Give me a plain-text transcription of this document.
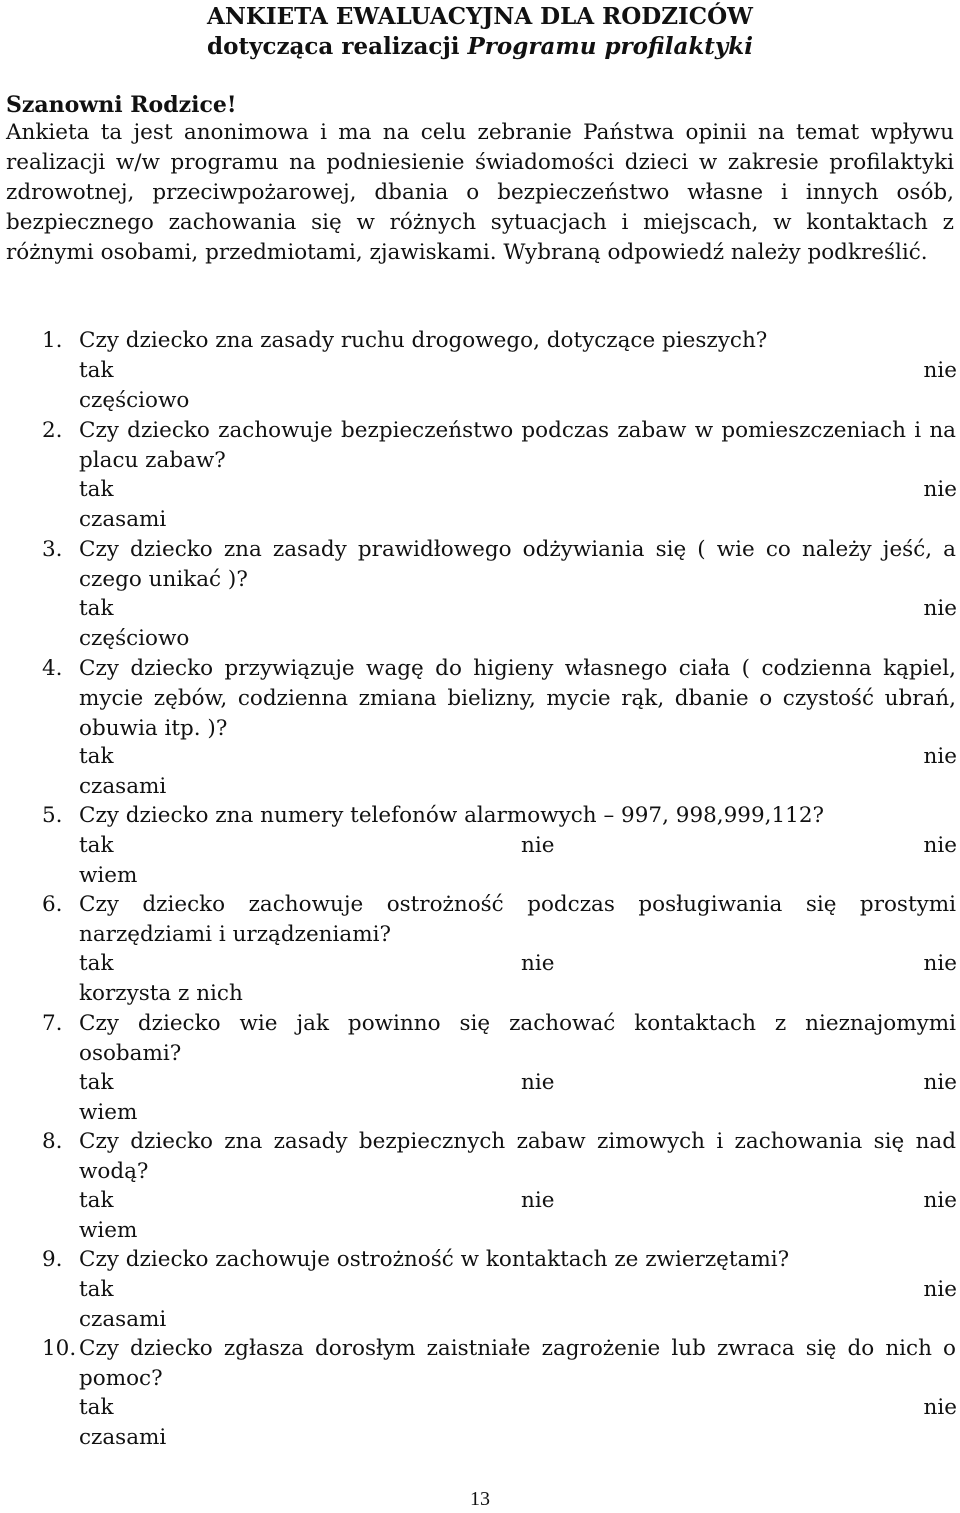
ANKIETA EWALUACYJNA DLA RODZICÓW
dotycząca realizacji Programu profilaktyki
Szanowni Rodzice!
Ankieta ta jest anonimowa i ma na celu zebranie Państwa opinii na temat wpływu realizacji w/w programu na podniesienie świadomości dzieci w zakresie profilaktyki zdrowotnej, przeciwpożarowej, dbania o bezpieczeństwo własne i innych osób, bezpiecznego zachowania się w różnych sytuacjach i miejscach, w kontaktach z różnymi osobami, przedmiotami, zjawiskami. Wybraną odpowiedź należy podkreślić.
1. Czy dziecko zna zasady ruchu drogowego, dotyczące pieszych?
tak	nie
częściowo
2. Czy dziecko zachowuje bezpieczeństwo podczas zabaw w pomieszczeniach i na placu zabaw?
tak	nie
czasami
3. Czy dziecko zna zasady prawidłowego odżywiania się ( wie co należy jeść, a czego unikać )?
tak	nie
częściowo
4. Czy dziecko przywiązuje wagę do higieny własnego ciała ( codzienna kąpiel, mycie zębów, codzienna zmiana bielizny, mycie rąk, dbanie o czystość ubrań, obuwia itp. )?
tak	nie
czasami
5. Czy dziecko zna numery telefonów alarmowych – 997, 998,999,112?
tak	nie	nie
wiem
6. Czy dziecko zachowuje ostrożność podczas posługiwania się prostymi narzędziami i urządzeniami?
tak	nie	nie
korzysta z nich
7. Czy dziecko wie jak powinno się zachować kontaktach z nieznajomymi osobami?
tak	nie	nie
wiem
8. Czy dziecko zna zasady bezpiecznych zabaw zimowych i zachowania się nad wodą?
tak	nie	nie
wiem
9. Czy dziecko zachowuje ostrożność w kontaktach ze zwierzętami?
tak	nie
czasami
10. Czy dziecko zgłasza dorosłym zaistniałe zagrożenie lub zwraca się do nich o pomoc?
tak	nie
czasami
13
